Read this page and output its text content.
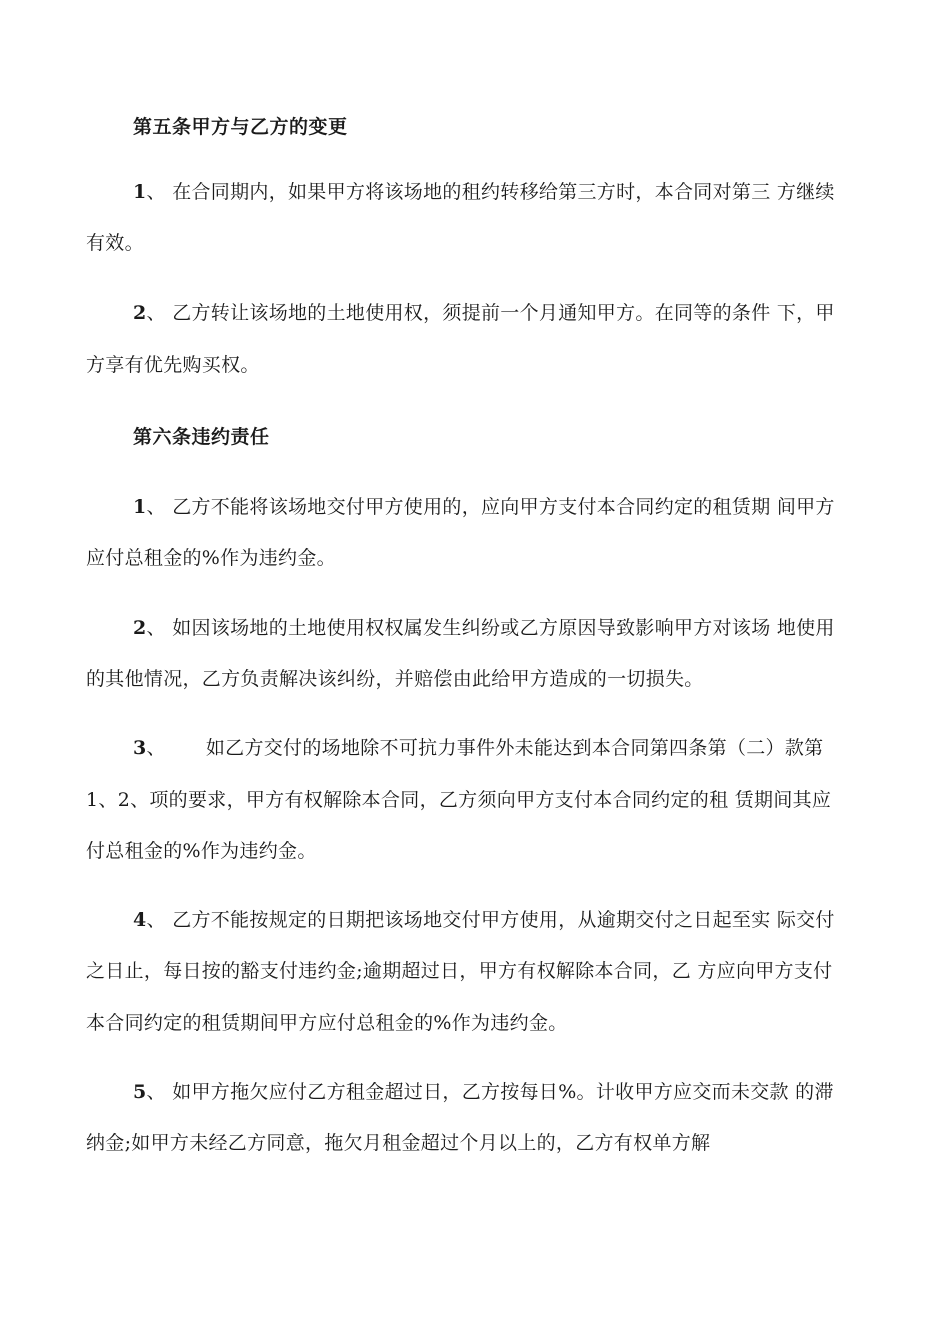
第五条甲方与乙方的变更
1、 在合同期内，如果甲方将该场地的租约转移给第三方时，本合同对第三 方继续
有效。
2、 乙方转让该场地的土地使用权，须提前一个月通知甲方。在同等的条件 下，甲
方享有优先购买权。
第六条违约责任
1、 乙方不能将该场地交付甲方使用的，应向甲方支付本合同约定的租赁期 间甲方
应付总租金的%作为违约金。
2、 如因该场地的土地使用权权属发生纠纷或乙方原因导致影响甲方对该场 地使用
的其他情况，乙方负责解决该纠纷，并赔偿由此给甲方造成的一切损失。
3、 如乙方交付的场地除不可抗力事件外未能达到本合同第四条第（二）款第
1、2、项的要求，甲方有权解除本合同，乙方须向甲方支付本合同约定的租 赁期间其应
付总租金的%作为违约金。
4、 乙方不能按规定的日期把该场地交付甲方使用，从逾期交付之日起至实 际交付
之日止，每日按的豁支付违约金;逾期超过日，甲方有权解除本合同，乙 方应向甲方支付
本合同约定的租赁期间甲方应付总租金的%作为违约金。
5、 如甲方拖欠应付乙方租金超过日，乙方按每日%。计收甲方应交而未交款 的滞
纳金;如甲方未经乙方同意，拖欠月租金超过个月以上的，乙方有权单方解
